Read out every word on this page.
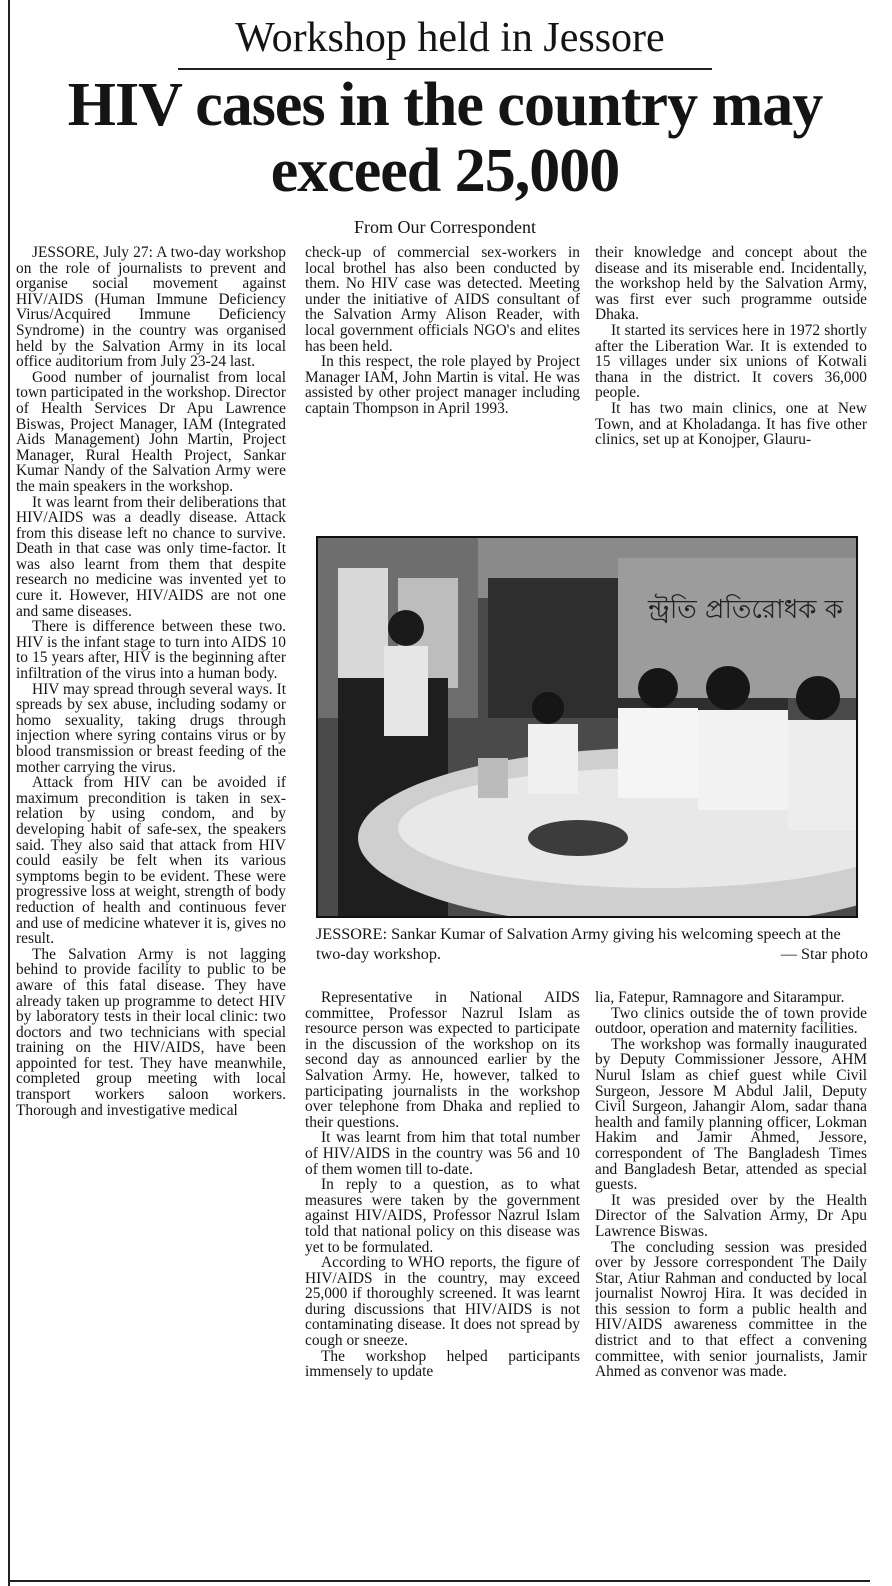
Workshop held in Jessore
HIV cases in the country may exceed 25,000
From Our Correspondent

JESSORE, July 27: A two-day workshop on the role of journalists to prevent and organise social movement against HIV/AIDS (Human Immune Deficiency Virus/Acquired Immune Deficiency Syndrome) in the country was organised held by the Salvation Army in its local office auditorium from July 23-24 last.

Good number of journalist from local town participated in the workshop. Director of Health Services Dr Apu Lawrence Biswas, Project Manager, IAM (Integrated Aids Management) John Martin, Project Manager, Rural Health Project, Sankar Kumar Nandy of the Salvation Army were the main speakers in the workshop.

It was learnt from their deliberations that HIV/AIDS was a deadly disease. Attack from this disease left no chance to survive. Death in that case was only time-factor. It was also learnt from them that despite research no medicine was invented yet to cure it. However, HIV/AIDS are not one and same diseases.

There is difference between these two. HIV is the infant stage to turn into AIDS 10 to 15 years after, HIV is the beginning after infiltration of the virus into a human body.

HIV may spread through several ways. It spreads by sex abuse, including sodamy or homo sexuality, taking drugs through injection where syring contains virus or by blood transmission or breast feeding of the mother carrying the virus.

Attack from HIV can be avoided if maximum precondition is taken in sex-relation by using condom, and by developing habit of safe-sex, the speakers said. They also said that attack from HIV could easily be felt when its various symptoms begin to be evident. These were progressive loss at weight, strength of body reduction of health and continuous fever and use of medicine whatever it is, gives no result.

The Salvation Army is not lagging behind to provide facility to public to be aware of this fatal disease. They have already taken up programme to detect HIV by laboratory tests in their local clinic: two doctors and two technicians with special training on the HIV/AIDS, have been appointed for test. They have meanwhile, completed group meeting with local transport workers saloon workers. Thorough and investigative medical

check-up of commercial sex-workers in local brothel has also been conducted by them. No HIV case was detected. Meeting under the initiative of AIDS consultant of the Salvation Army Alison Reader, with local government officials NGO's and elites has been held.

In this respect, the role played by Project Manager IAM, John Martin is vital. He was assisted by other project manager including captain Thompson in April 1993.

their knowledge and concept about the disease and its miserable end. Incidentally, the workshop held by the Salvation Army, was first ever such programme outside Dhaka.

It started its services here in 1972 shortly after the Liberation War. It is extended to 15 villages under six unions of Kotwali thana in the district. It covers 36,000 people.

It has two main clinics, one at New Town, and at Kholadanga. It has five other clinics, set up at Konojper, Glauru-

ন্ট্রতি প্রতিরোধক ক
JESSORE: Sankar Kumar of Salvation Army giving his welcoming speech at the two-day workshop.	— Star photo

Representative in National AIDS committee, Professor Nazrul Islam as resource person was expected to participate in the discussion of the workshop on its second day as announced earlier by the Salvation Army. He, however, talked to participating journalists in the workshop over telephone from Dhaka and replied to their questions.

It was learnt from him that total number of HIV/AIDS in the country was 56 and 10 of them women till to-date.

In reply to a question, as to what measures were taken by the government against HIV/AIDS, Professor Nazrul Islam told that national policy on this disease was yet to be formulated.

According to WHO reports, the figure of HIV/AIDS in the country, may exceed 25,000 if thoroughly screened. It was learnt during discussions that HIV/AIDS is not contaminating disease. It does not spread by cough or sneeze.

The workshop helped participants immensely to update

lia, Fatepur, Ramnagore and Sitarampur.

Two clinics outside the of town provide outdoor, operation and maternity facilities.

The workshop was formally inaugurated by Deputy Commissioner Jessore, AHM Nurul Islam as chief guest while Civil Surgeon, Jessore M Abdul Jalil, Deputy Civil Surgeon, Jahangir Alom, sadar thana health and family planning officer, Lokman Hakim and Jamir Ahmed, Jessore, correspondent of The Bangladesh Times and Bangladesh Betar, attended as special guests.

It was presided over by the Health Director of the Salvation Army, Dr Apu Lawrence Biswas.

The concluding session was presided over by Jessore correspondent The Daily Star, Atiur Rahman and conducted by local journalist Nowroj Hira. It was decided in this session to form a public health and HIV/AIDS awareness committee in the district and to that effect a convening committee, with senior journalists, Jamir Ahmed as convenor was made.
